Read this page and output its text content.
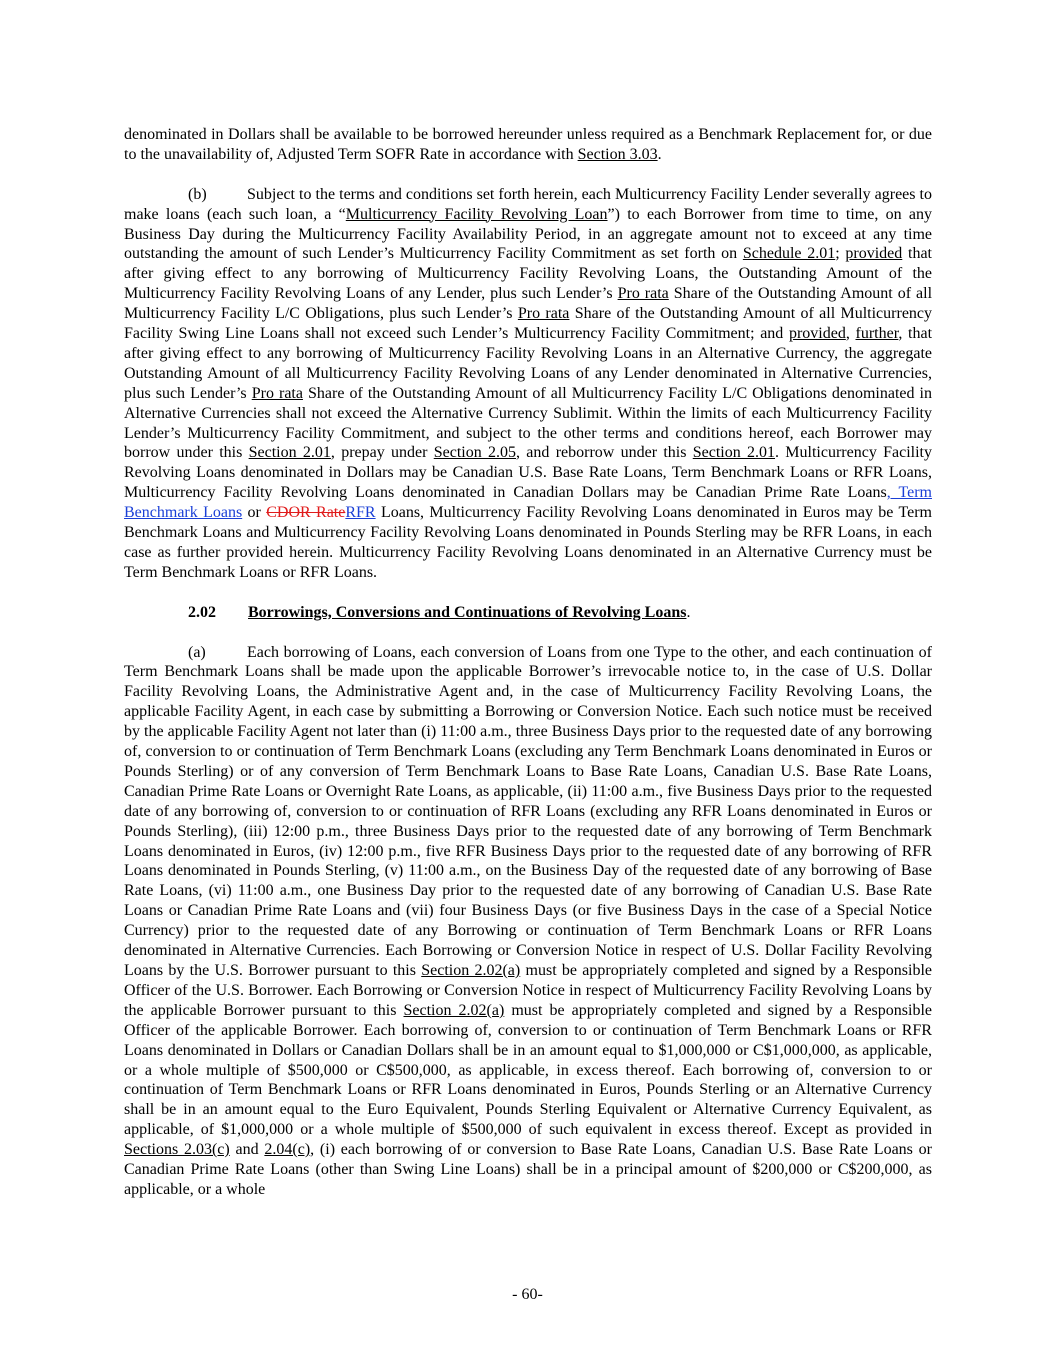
denominated in Dollars shall be available to be borrowed hereunder unless required as a Benchmark Replacement for, or due to the unavailability of, Adjusted Term SOFR Rate in accordance with Section 3.03.

(b)	Subject to the terms and conditions set forth herein, each Multicurrency Facility Lender severally agrees to make loans (each such loan, a “Multicurrency Facility Revolving Loan”) to each Borrower from time to time, on any Business Day during the Multicurrency Facility Availability Period, in an aggregate amount not to exceed at any time outstanding the amount of such Lender’s Multicurrency Facility Commitment as set forth on Schedule 2.01; provided that after giving effect to any borrowing of Multicurrency Facility Revolving Loans, the Outstanding Amount of the Multicurrency Facility Revolving Loans of any Lender, plus such Lender’s Pro rata Share of the Outstanding Amount of all Multicurrency Facility L/C Obligations, plus such Lender’s Pro rata Share of the Outstanding Amount of all Multicurrency Facility Swing Line Loans shall not exceed such Lender’s Multicurrency Facility Commitment; and provided, further, that after giving effect to any borrowing of Multicurrency Facility Revolving Loans in an Alternative Currency, the aggregate Outstanding Amount of all Multicurrency Facility Revolving Loans of any Lender denominated in Alternative Currencies, plus such Lender’s Pro rata Share of the Outstanding Amount of all Multicurrency Facility L/C Obligations denominated in Alternative Currencies shall not exceed the Alternative Currency Sublimit. Within the limits of each Multicurrency Facility Lender’s Multicurrency Facility Commitment, and subject to the other terms and conditions hereof, each Borrower may borrow under this Section 2.01, prepay under Section 2.05, and reborrow under this Section 2.01. Multicurrency Facility Revolving Loans denominated in Dollars may be Canadian U.S. Base Rate Loans, Term Benchmark Loans or RFR Loans, Multicurrency Facility Revolving Loans denominated in Canadian Dollars may be Canadian Prime Rate Loans, Term Benchmark Loans or CDOR RateRFR Loans, Multicurrency Facility Revolving Loans denominated in Euros may be Term Benchmark Loans and Multicurrency Facility Revolving Loans denominated in Pounds Sterling may be RFR Loans, in each case as further provided herein. Multicurrency Facility Revolving Loans denominated in an Alternative Currency must be Term Benchmark Loans or RFR Loans.

2.02 Borrowings, Conversions and Continuations of Revolving Loans.

(a)	Each borrowing of Loans, each conversion of Loans from one Type to the other, and each continuation of Term Benchmark Loans shall be made upon the applicable Borrower’s irrevocable notice to, in the case of U.S. Dollar Facility Revolving Loans, the Administrative Agent and, in the case of Multicurrency Facility Revolving Loans, the applicable Facility Agent, in each case by submitting a Borrowing or Conversion Notice. Each such notice must be received by the applicable Facility Agent not later than (i) 11:00 a.m., three Business Days prior to the requested date of any borrowing of, conversion to or continuation of Term Benchmark Loans (excluding any Term Benchmark Loans denominated in Euros or Pounds Sterling) or of any conversion of Term Benchmark Loans to Base Rate Loans, Canadian U.S. Base Rate Loans, Canadian Prime Rate Loans or Overnight Rate Loans, as applicable, (ii) 11:00 a.m., five Business Days prior to the requested date of any borrowing of, conversion to or continuation of RFR Loans (excluding any RFR Loans denominated in Euros or Pounds Sterling), (iii) 12:00 p.m., three Business Days prior to the requested date of any borrowing of Term Benchmark Loans denominated in Euros, (iv) 12:00 p.m., five RFR Business Days prior to the requested date of any borrowing of RFR Loans denominated in Pounds Sterling, (v) 11:00 a.m., on the Business Day of the requested date of any borrowing of Base Rate Loans, (vi) 11:00 a.m., one Business Day prior to the requested date of any borrowing of Canadian U.S. Base Rate Loans or Canadian Prime Rate Loans and (vii) four Business Days (or five Business Days in the case of a Special Notice Currency) prior to the requested date of any Borrowing or continuation of Term Benchmark Loans or RFR Loans denominated in Alternative Currencies. Each Borrowing or Conversion Notice in respect of U.S. Dollar Facility Revolving Loans by the U.S. Borrower pursuant to this Section 2.02(a) must be appropriately completed and signed by a Responsible Officer of the U.S. Borrower. Each Borrowing or Conversion Notice in respect of Multicurrency Facility Revolving Loans by the applicable Borrower pursuant to this Section 2.02(a) must be appropriately completed and signed by a Responsible Officer of the applicable Borrower. Each borrowing of, conversion to or continuation of Term Benchmark Loans or RFR Loans denominated in Dollars or Canadian Dollars shall be in an amount equal to $1,000,000 or C$1,000,000, as applicable, or a whole multiple of $500,000 or C$500,000, as applicable, in excess thereof. Each borrowing of, conversion to or continuation of Term Benchmark Loans or RFR Loans denominated in Euros, Pounds Sterling or an Alternative Currency shall be in an amount equal to the Euro Equivalent, Pounds Sterling Equivalent or Alternative Currency Equivalent, as applicable, of $1,000,000 or a whole multiple of $500,000 of such equivalent in excess thereof. Except as provided in Sections 2.03(c) and 2.04(c), (i) each borrowing of or conversion to Base Rate Loans, Canadian U.S. Base Rate Loans or Canadian Prime Rate Loans (other than Swing Line Loans) shall be in a principal amount of $200,000 or C$200,000, as applicable, or a whole

- 60-
